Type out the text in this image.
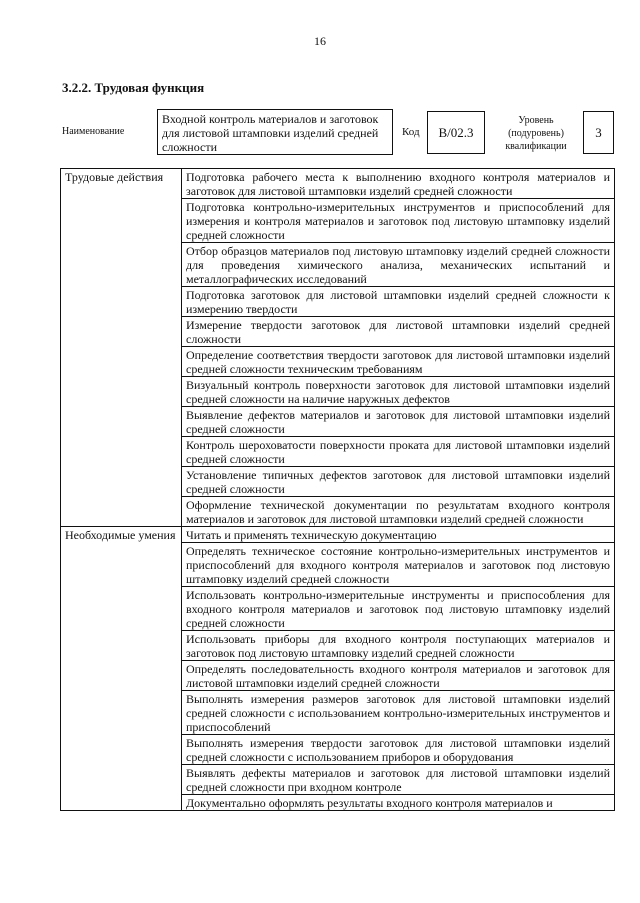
16
3.2.2. Трудовая функция
Наименование
Входной контроль материалов и заготовок для листовой штамповки изделий средней сложности
Код	В/02.3
Уровень (подуровень) квалификации
3
Трудовые действия	Подготовка рабочего места к выполнению входного контроля материалов и заготовок для листовой штамповки изделий средней сложности
	Подготовка контрольно-измерительных инструментов и приспособлений для измерения и контроля материалов и заготовок под листовую штамповку изделий средней сложности
	Отбор образцов материалов под листовую штамповку изделий средней сложности для проведения химического анализа, механических испытаний и металлографических исследований
	Подготовка заготовок для листовой штамповки изделий средней сложности к измерению твердости
	Измерение твердости заготовок для листовой штамповки изделий средней сложности
	Определение соответствия твердости заготовок для листовой штамповки изделий средней сложности техническим требованиям
	Визуальный контроль поверхности заготовок для листовой штамповки изделий средней сложности на наличие наружных дефектов
	Выявление дефектов материалов и заготовок для листовой штамповки изделий средней сложности
	Контроль шероховатости поверхности проката для листовой штамповки изделий средней сложности
	Установление типичных дефектов заготовок для листовой штамповки изделий средней сложности
	Оформление технической документации по результатам входного контроля материалов и заготовок для листовой штамповки изделий средней сложности
Необходимые умения	Читать и применять техническую документацию
	Определять техническое состояние контрольно-измерительных инструментов и приспособлений для входного контроля материалов и заготовок под листовую штамповку изделий средней сложности
	Использовать контрольно-измерительные инструменты и приспособления для входного контроля материалов и заготовок под листовую штамповку изделий средней сложности
	Использовать приборы для входного контроля поступающих материалов и заготовок под листовую штамповку изделий средней сложности
	Определять последовательность входного контроля материалов и заготовок для листовой штамповки изделий средней сложности
	Выполнять измерения размеров заготовок для листовой штамповки изделий средней сложности с использованием контрольно-измерительных инструментов и приспособлений
	Выполнять измерения твердости заготовок для листовой штамповки изделий средней сложности с использованием приборов и оборудования
	Выявлять дефекты материалов и заготовок для листовой штамповки изделий средней сложности при входном контроле
	Документально оформлять результаты входного контроля материалов и
